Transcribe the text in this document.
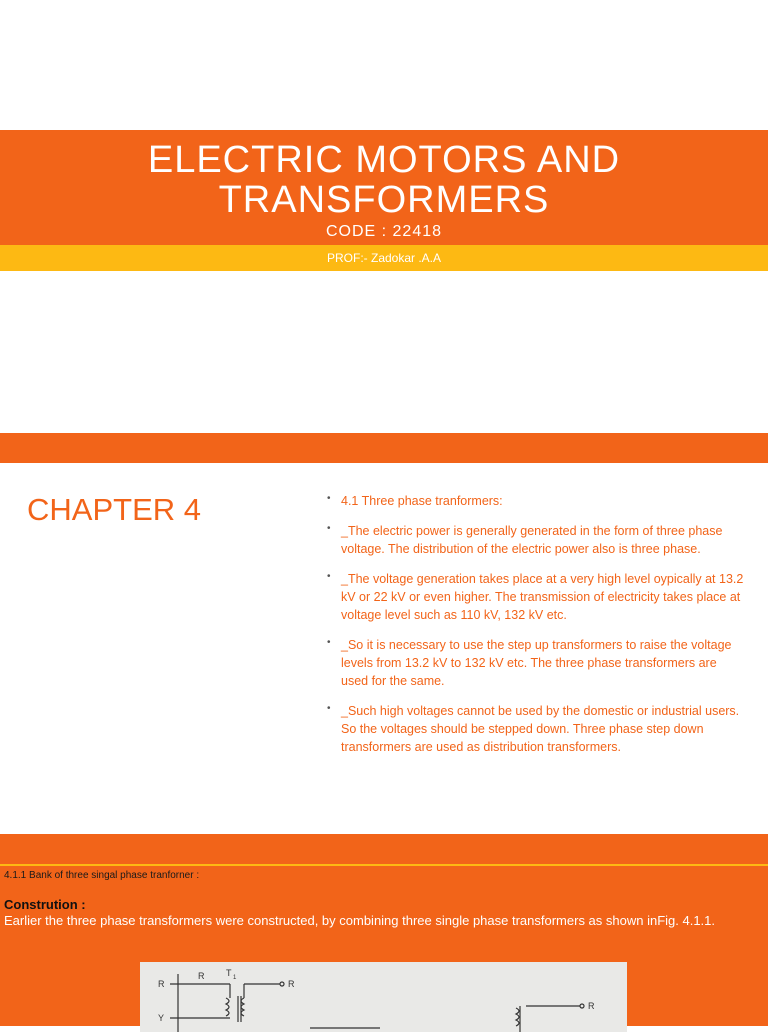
ELECTRIC MOTORS AND TRANSFORMERS
CODE : 22418
PROF:- Zadokar .A.A
CHAPTER 4	• 4.1 Three phase tranformers:
• _The electric power is generally generated in the form of three phase voltage. The distribution of the electric power also is three phase.
• _The voltage generation takes place at a very high level oypically at 13.2 kV or 22 kV or even higher. The transmission of electricity takes place at voltage level such as 110 kV, 132 kV etc.
• _So it is necessary to use the step up transformers to raise the voltage levels from 13.2 kV to 132 kV etc. The three phase transformers are used for the same.
• _Such high voltages cannot be used by the domestic or industrial users. So the voltages should be stepped down. Three phase step down transformers are used as distribution transformers.
4.1.1 Bank of three singal phase tranforner :
Constrution :
Earlier the three phase transformers were constructed, by combining three single phase transformers as shown inFig. 4.1.1.
R
R T 1
R
Y
R
